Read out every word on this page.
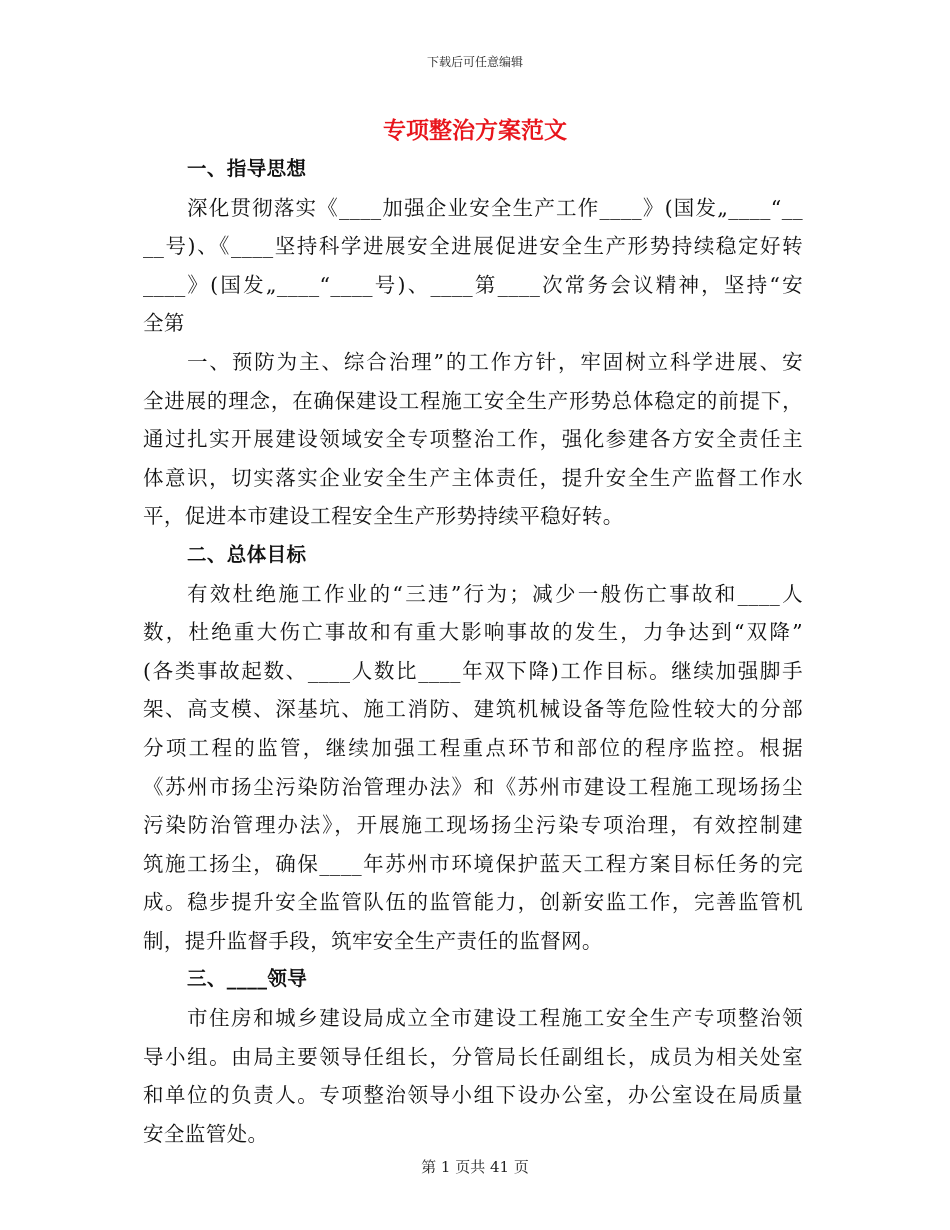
下载后可任意编辑
专项整治方案范文
一、指导思想
深化贯彻落实《____加强企业安全生产工作____》(国发„____“__
__号)、《____坚持科学进展安全进展促进安全生产形势持续稳定好转
____》(国发„____“____号)、____第____次常务会议精神，坚持“安
全第
一、预防为主、综合治理”的工作方针，牢固树立科学进展、安
全进展的理念，在确保建设工程施工安全生产形势总体稳定的前提下，
通过扎实开展建设领域安全专项整治工作，强化参建各方安全责任主
体意识，切实落实企业安全生产主体责任，提升安全生产监督工作水
平，促进本市建设工程安全生产形势持续平稳好转。
二、总体目标
有效杜绝施工作业的“三违”行为；减少一般伤亡事故和____人
数，杜绝重大伤亡事故和有重大影响事故的发生，力争达到“双降”
(各类事故起数、____人数比____年双下降)工作目标。继续加强脚手
架、高支模、深基坑、施工消防、建筑机械设备等危险性较大的分部
分项工程的监管，继续加强工程重点环节和部位的程序监控。根据
《苏州市扬尘污染防治管理办法》和《苏州市建设工程施工现场扬尘
污染防治管理办法》，开展施工现场扬尘污染专项治理，有效控制建
筑施工扬尘，确保____年苏州市环境保护蓝天工程方案目标任务的完
成。稳步提升安全监管队伍的监管能力，创新安监工作，完善监管机
制，提升监督手段，筑牢安全生产责任的监督网。
三、____领导
市住房和城乡建设局成立全市建设工程施工安全生产专项整治领
导小组。由局主要领导任组长，分管局长任副组长，成员为相关处室
和单位的负责人。专项整治领导小组下设办公室，办公室设在局质量
安全监管处。
第 1 页共 41 页
